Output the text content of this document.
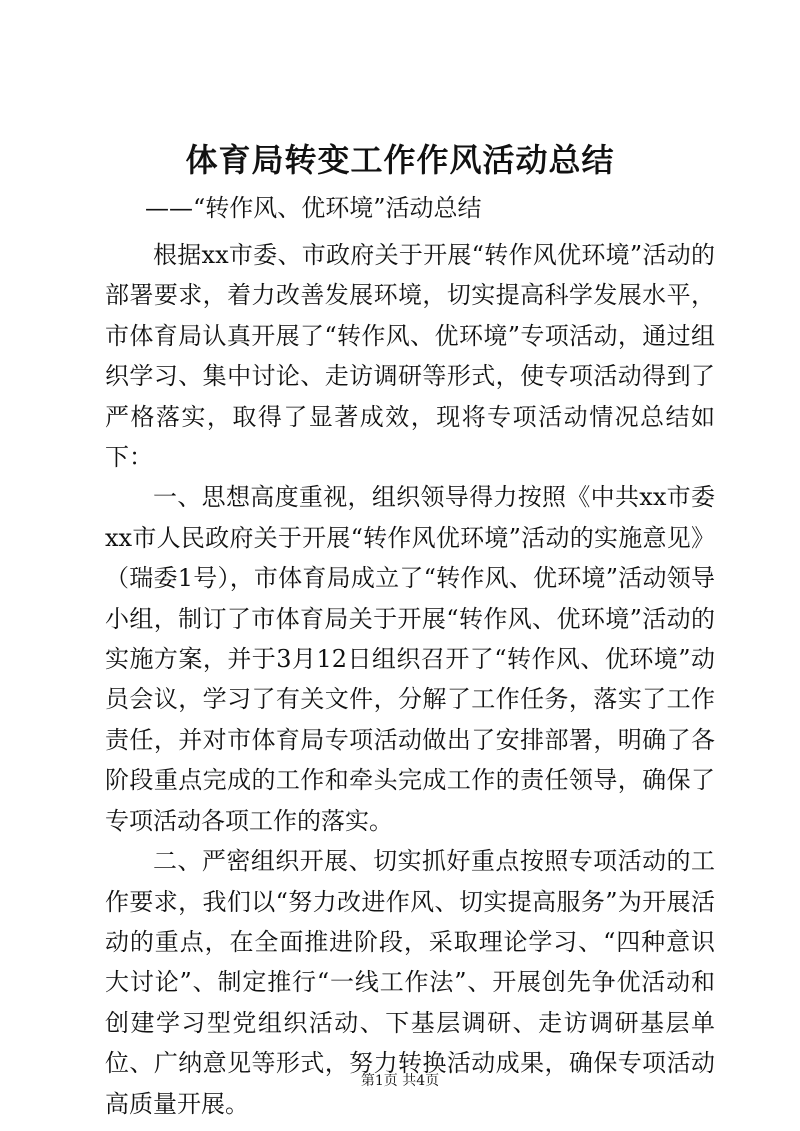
体育局转变工作作风活动总结
——“转作风、优环境”活动总结

根据xx市委、市政府关于开展“转作风优环境”活动的部署要求，着力改善发展环境，切实提高科学发展水平，市体育局认真开展了“转作风、优环境”专项活动，通过组织学习、集中讨论、走访调研等形式，使专项活动得到了严格落实，取得了显著成效，现将专项活动情况总结如下：

一、思想高度重视，组织领导得力按照《中共xx市委xx市人民政府关于开展“转作风优环境”活动的实施意见》（瑞委1号），市体育局成立了“转作风、优环境”活动领导小组，制订了市体育局关于开展“转作风、优环境”活动的实施方案，并于3月12日组织召开了“转作风、优环境”动员会议，学习了有关文件，分解了工作任务，落实了工作责任，并对市体育局专项活动做出了安排部署，明确了各阶段重点完成的工作和牵头完成工作的责任领导，确保了专项活动各项工作的落实。

二、严密组织开展、切实抓好重点按照专项活动的工作要求，我们以“努力改进作风、切实提高服务”为开展活动的重点，在全面推进阶段，采取理论学习、“四种意识大讨论”、制定推行“一线工作法”、开展创先争优活动和创建学习型党组织活动、下基层调研、走访调研基层单位、广纳意见等形式，努力转换活动成果，确保专项活动高质量开展。

第1页 共4页
